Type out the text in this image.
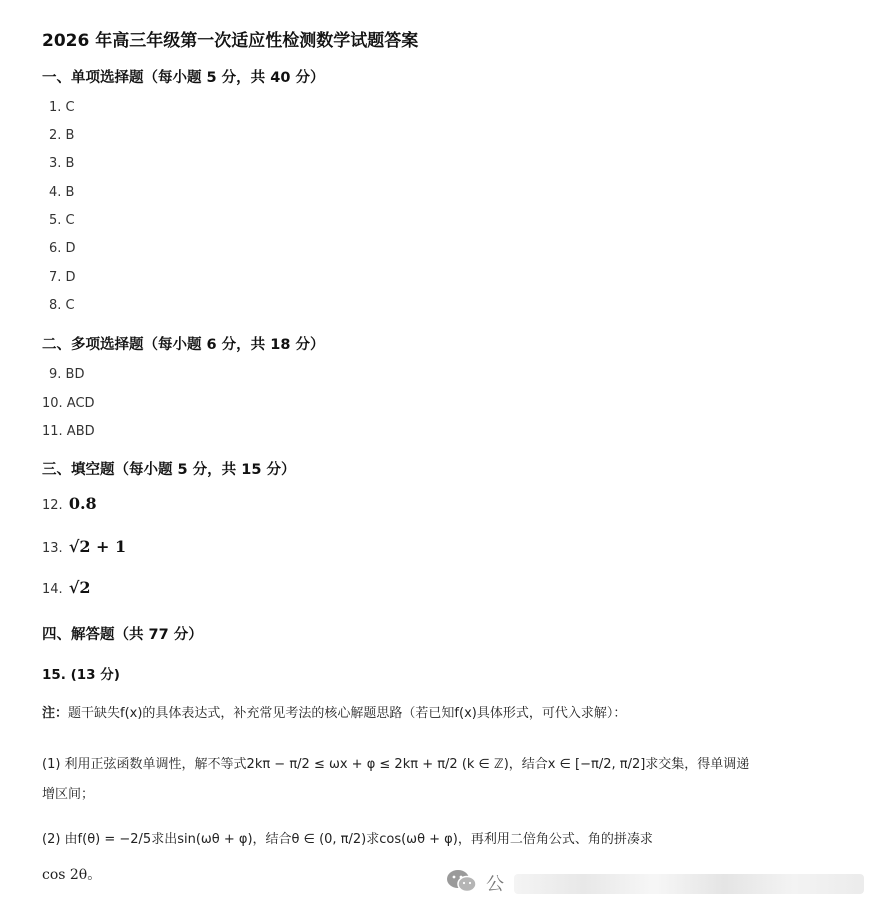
2026 年高三年级第一次适应性检测数学试题答案
一、单项选择题（每小题 5 分，共 40 分）
1. C
2. B
3. B
4. B
5. C
6. D
7. D
8. C
二、多项选择题（每小题 6 分，共 18 分）
9. BD
10. ACD
11. ABD
三、填空题（每小题 5 分，共 15 分）
12. 0.8
13. √2 + 1
14. √2
四、解答题（共 77 分）
15. (13 分)
注：题干缺失f(x)的具体表达式，补充常见考法的核心解题思路（若已知f(x)具体形式，可代入求解）：
(1) 利用正弦函数单调性，解不等式2kπ − π/2 ≤ ωx + φ ≤ 2kπ + π/2 (k ∈ ℤ)，结合x ∈ [−π/2, π/2]求交集，得单调递增区间；
(2) 由f(θ) = −2/5求出sin(ωθ + φ)，结合θ ∈ (0, π/2)求cos(ωθ + φ)，再利用二倍角公式、角的拼凑求
cos 2θ。	公
